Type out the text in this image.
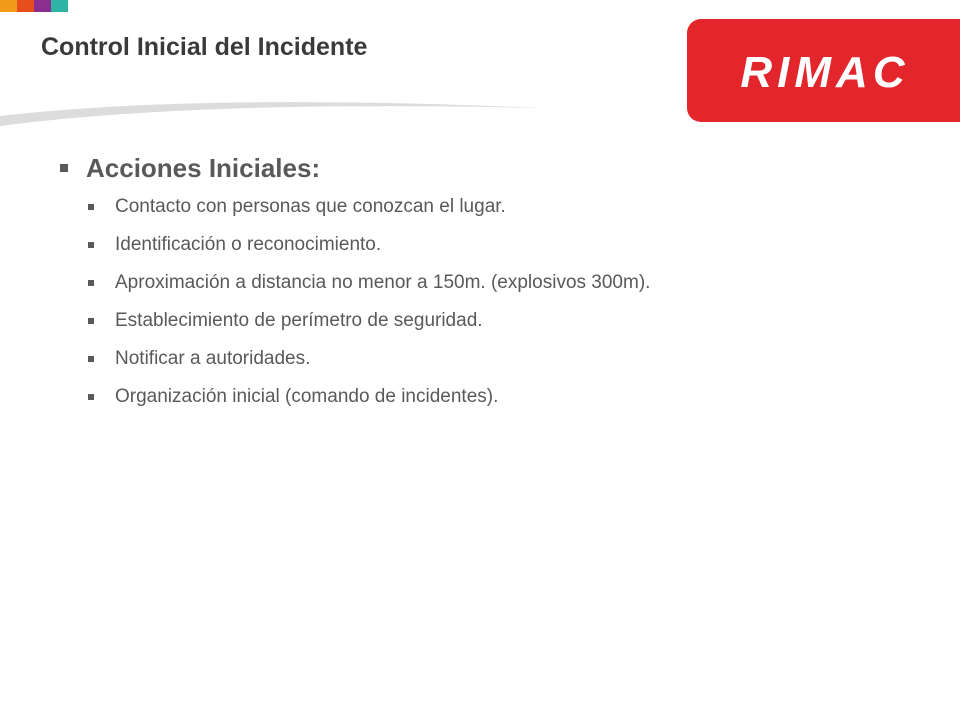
Control Inicial del Incidente
RIMAC
Acciones Iniciales:
Contacto con personas que conozcan el lugar.
Identificación o reconocimiento.
Aproximación a distancia no menor a 150m. (explosivos 300m).
Establecimiento de perímetro de seguridad.
Notificar a autoridades.
Organización inicial (comando de incidentes).
